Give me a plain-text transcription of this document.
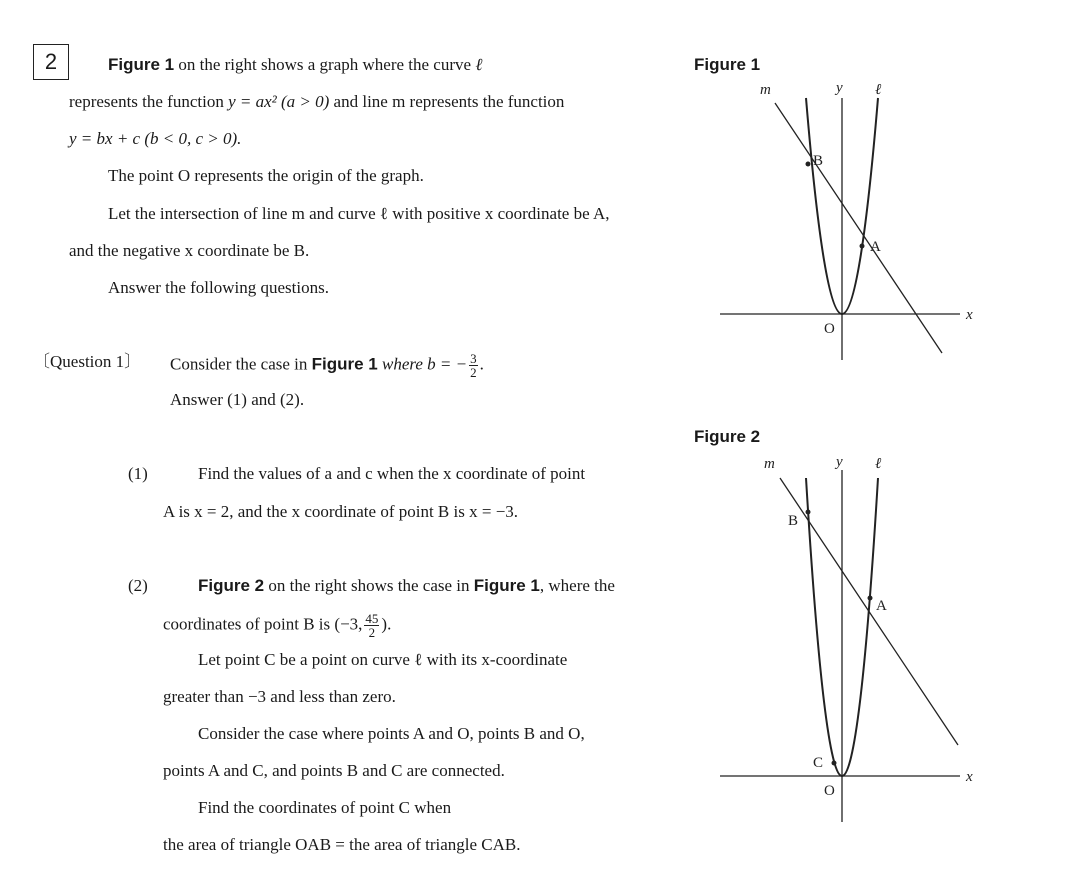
2	Figure 1 on the right shows a graph where the curve ℓ
represents the function y = ax² (a > 0) and line m represents the function
y = bx + c (b < 0, c > 0).
The point O represents the origin of the graph.
Let the intersection of line m and curve ℓ with positive x coordinate be A,
and the negative x coordinate be B.
Answer the following questions.
〔Question 1〕 Consider the case in Figure 1 where b = − $\frac{3}{2}$ .
Answer (1) and (2).
(1)	Find the values of a and c when the x coordinate of point
A is x = 2, and the x coordinate of point B is x = −3.
(2)	Figure 2 on the right shows the case in Figure 1, where the
coordinates of point B is (−3, $\frac{45}{2}$ ).
Let point C be a point on curve ℓ with its x-coordinate
greater than −3 and less than zero.
Consider the case where points A and O, points B and O,
points A and C, and points B and C are connected.
Find the coordinates of point C when
the area of triangle OAB = the area of triangle CAB.
Figure 1
m	y ℓ
x
O
B
A
Figure 2
m	y ℓ
x
O
B
A
C
